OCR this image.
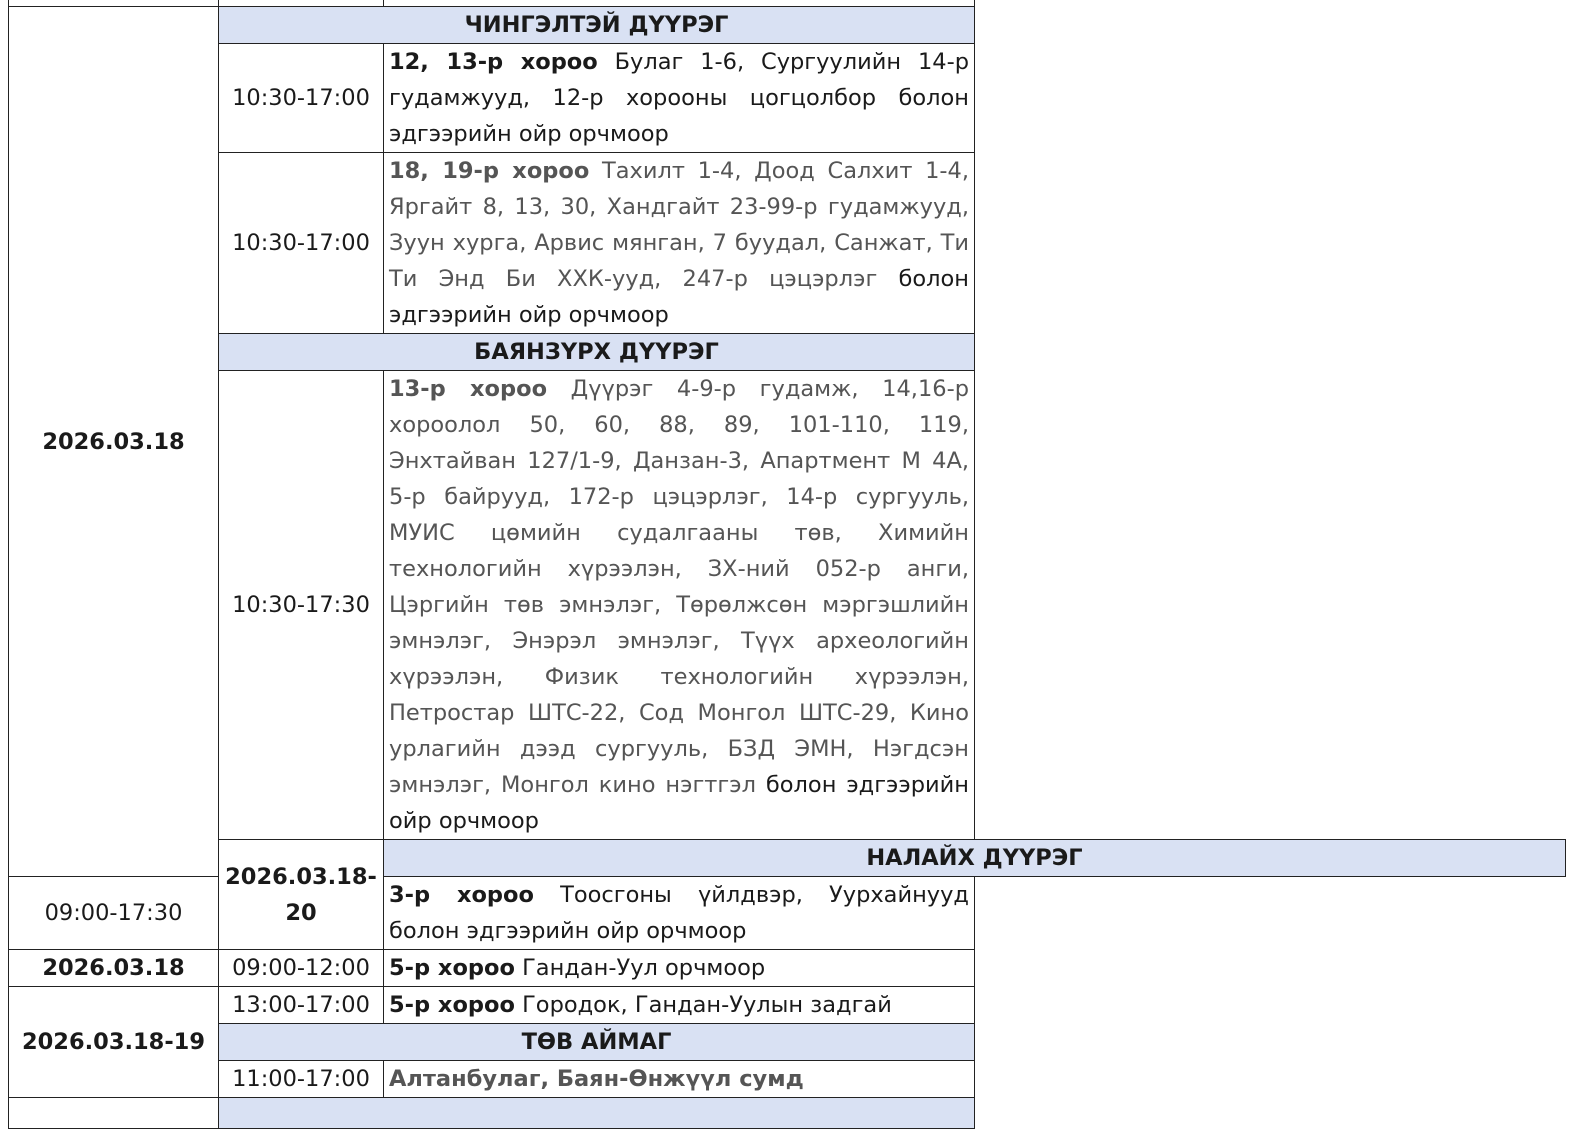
2026.03.18	ЧИНГЭЛТЭЙ ДҮҮРЭГ	
	10:30-17:00	12, 13-р хороо Булаг 1-6, Сургуулийн 14-р гудамжууд, 12-р хорооны цогцолбор болон эдгээрийн ойр орчмоор
	10:30-17:00	18, 19-р хороо Тахилт 1-4, Доод Салхит 1-4, Яргайт 8, 13, 30, Хандгайт 23-99-р гудамжууд, Зуун хурга, Арвис мянган, 7 буудал, Санжат, Ти Ти Энд Би ХХК-ууд, 247-р цэцэрлэг болон эдгээрийн ойр орчмоор
	БАЯНЗҮРХ ДҮҮРЭГ	
	10:30-17:30	13-р хороо Дүүрэг 4-9-р гудамж, 14,16-р хороолол 50, 60, 88, 89, 101-110, 119, Энхтайван 127/1-9, Данзан-3, Апартмент М 4А, 5-р байрууд, 172-р цэцэрлэг, 14-р сургууль, МУИС цөмийн судалгааны төв, Химийн технологийн хүрээлэн, ЗХ-ний 052-р анги, Цэргийн төв эмнэлэг, Төрөлжсөн мэргэшлийн эмнэлэг, Энэрэл эмнэлэг, Түүх археологийн хүрээлэн, Физик технологийн хүрээлэн, Петростар ШТС-22, Сод Монгол ШТС-29, Кино урлагийн дээд сургууль, БЗД ЭМН, Нэгдсэн эмнэлэг, Монгол кино нэгтгэл болон эдгээрийн ойр орчмоор
	2026.03.18-20	НАЛАЙХ ДҮҮРЭГ
09:00-17:30		3-р хороо Тоосгоны үйлдвэр, Уурхайнууд болон эдгээрийн ойр орчмоор
2026.03.18	09:00-12:00	5-р хороо Гандан-Уул орчмоор
2026.03.18-19	13:00-17:00	5-р хороо Городок, Гандан-Уулын задгай
	ТӨВ АЙМАГ	
	11:00-17:00	Алтанбулаг, Баян-Өнжүүл сумд
